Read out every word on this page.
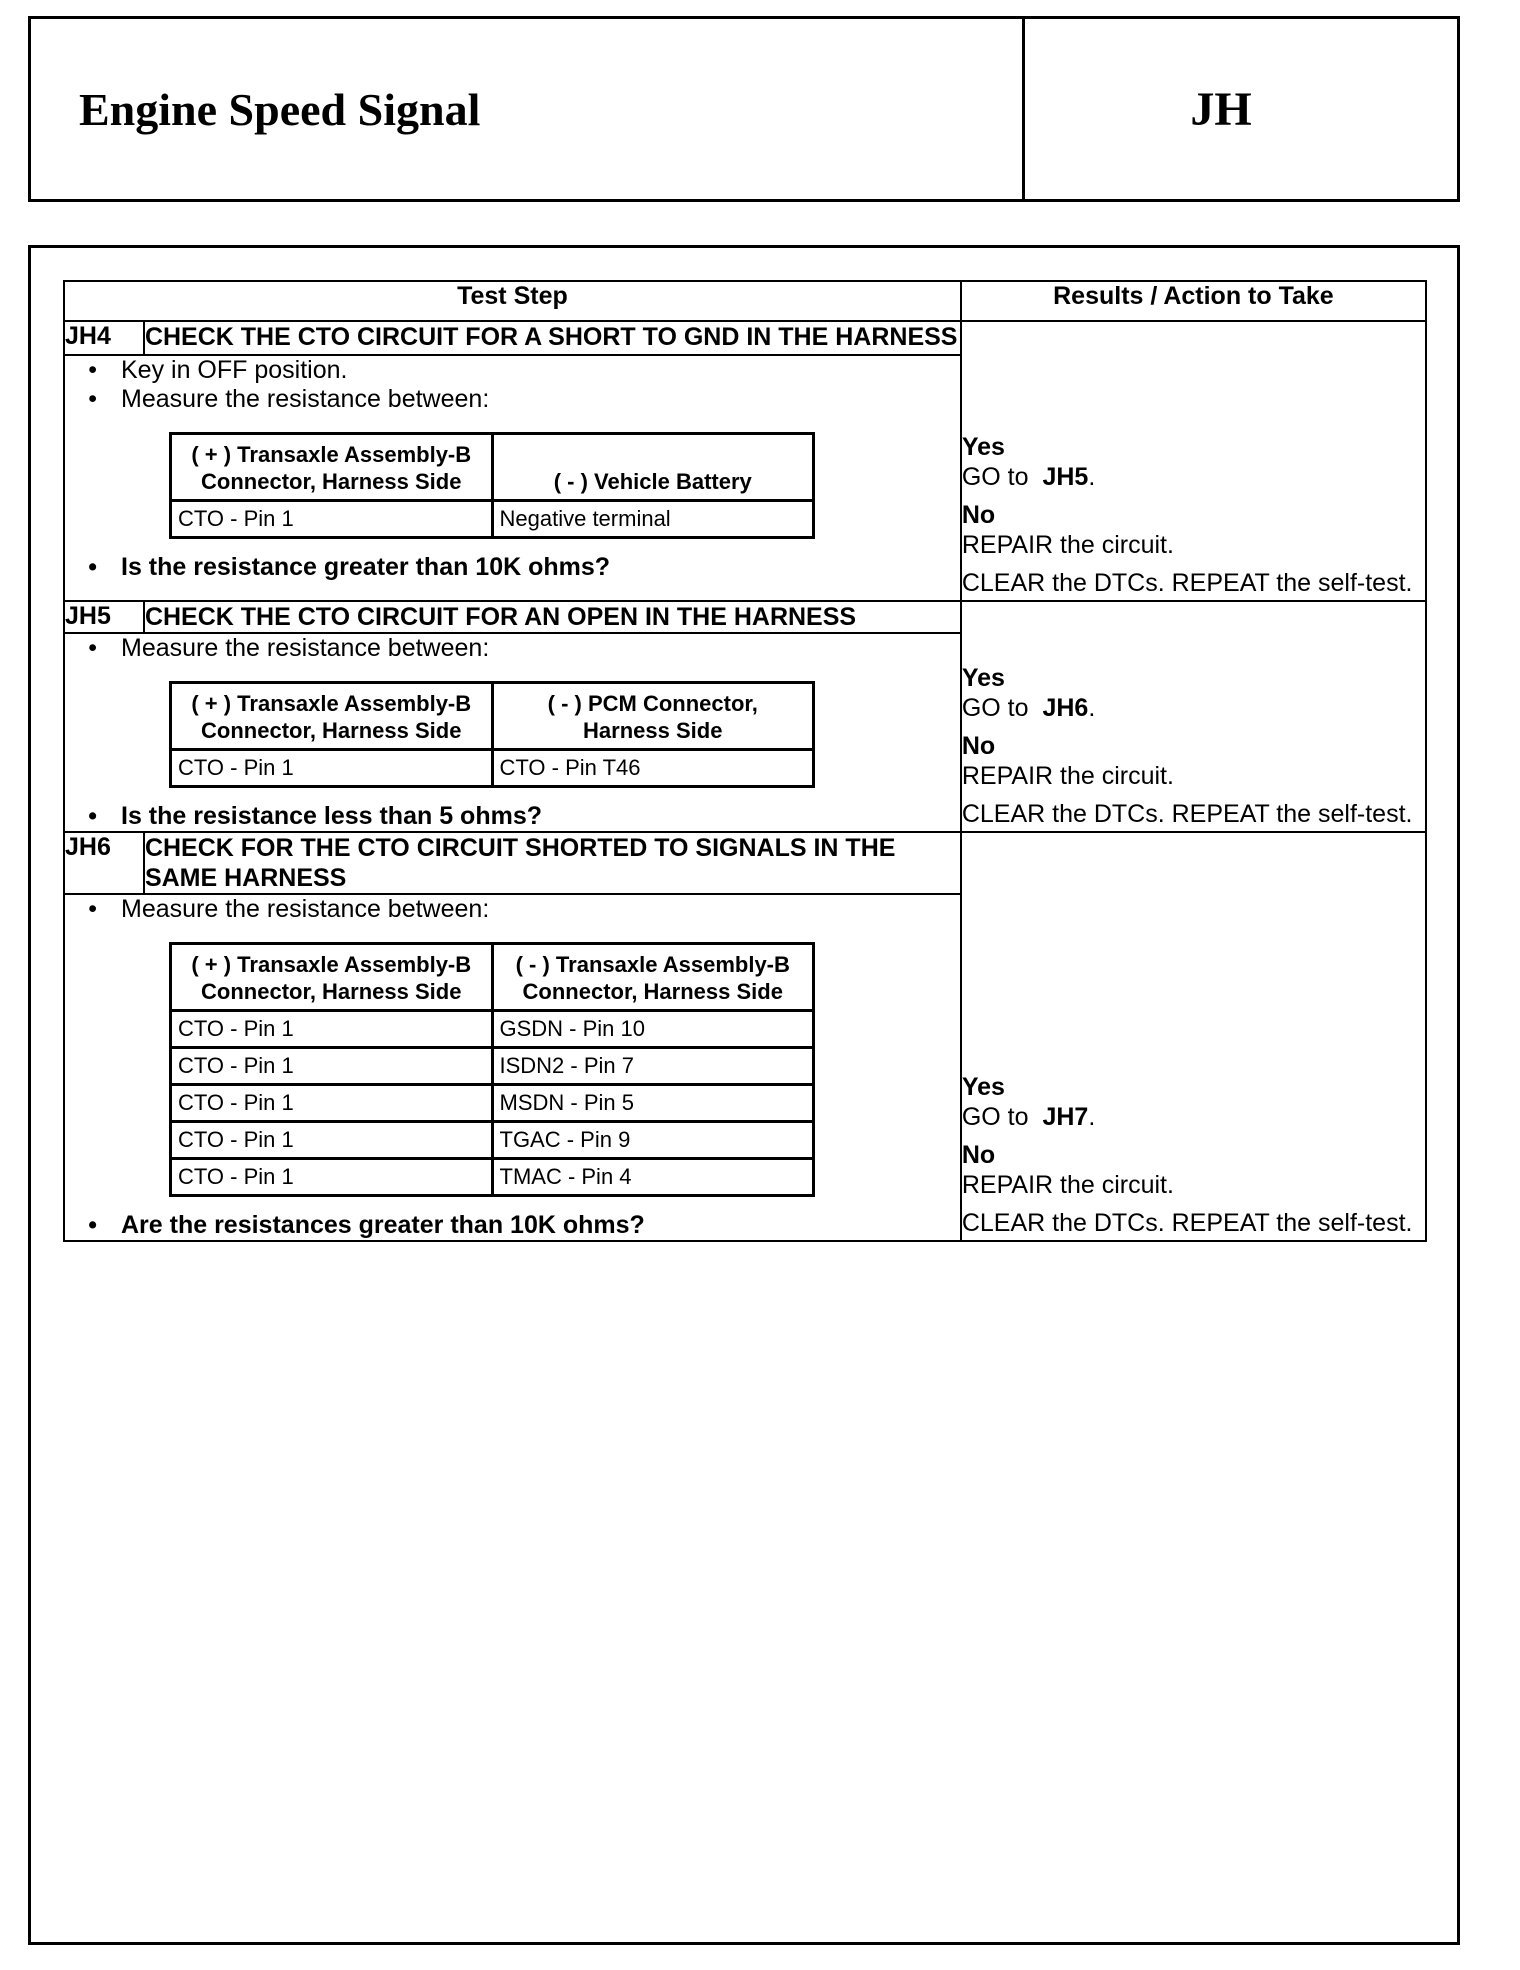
Engine Speed Signal	JH
Test Step	Results / Action to Take
JH4	CHECK THE CTO CIRCUIT FOR A SHORT TO GND IN THE HARNESS	
Yes
GO to JH5.
No
REPAIR the circuit.
CLEAR the DTCs. REPEAT the self-test.

• Key in OFF position.
• Measure the resistance between:
( + ) Transaxle Assembly-B Connector, Harness Side	( - ) Vehicle Battery
CTO - Pin 1	Negative terminal
• Is the resistance greater than 10K ohms?

JH5	CHECK THE CTO CIRCUIT FOR AN OPEN IN THE HARNESS	
Yes
GO to JH6.
No
REPAIR the circuit.
CLEAR the DTCs. REPEAT the self-test.

• Measure the resistance between:
( + ) Transaxle Assembly-B Connector, Harness Side	( - ) PCM Connector, Harness Side
CTO - Pin 1	CTO - Pin T46
• Is the resistance less than 5 ohms?

JH6	CHECK FOR THE CTO CIRCUIT SHORTED TO SIGNALS IN THE SAME HARNESS	
Yes
GO to JH7.
No
REPAIR the circuit.
CLEAR the DTCs. REPEAT the self-test.

• Measure the resistance between:
( + ) Transaxle Assembly-B Connector, Harness Side	( - ) Transaxle Assembly-B Connector, Harness Side
CTO - Pin 1	GSDN - Pin 10
CTO - Pin 1	ISDN2 - Pin 7
CTO - Pin 1	MSDN - Pin 5
CTO - Pin 1	TGAC - Pin 9
CTO - Pin 1	TMAC - Pin 4
• Are the resistances greater than 10K ohms?
